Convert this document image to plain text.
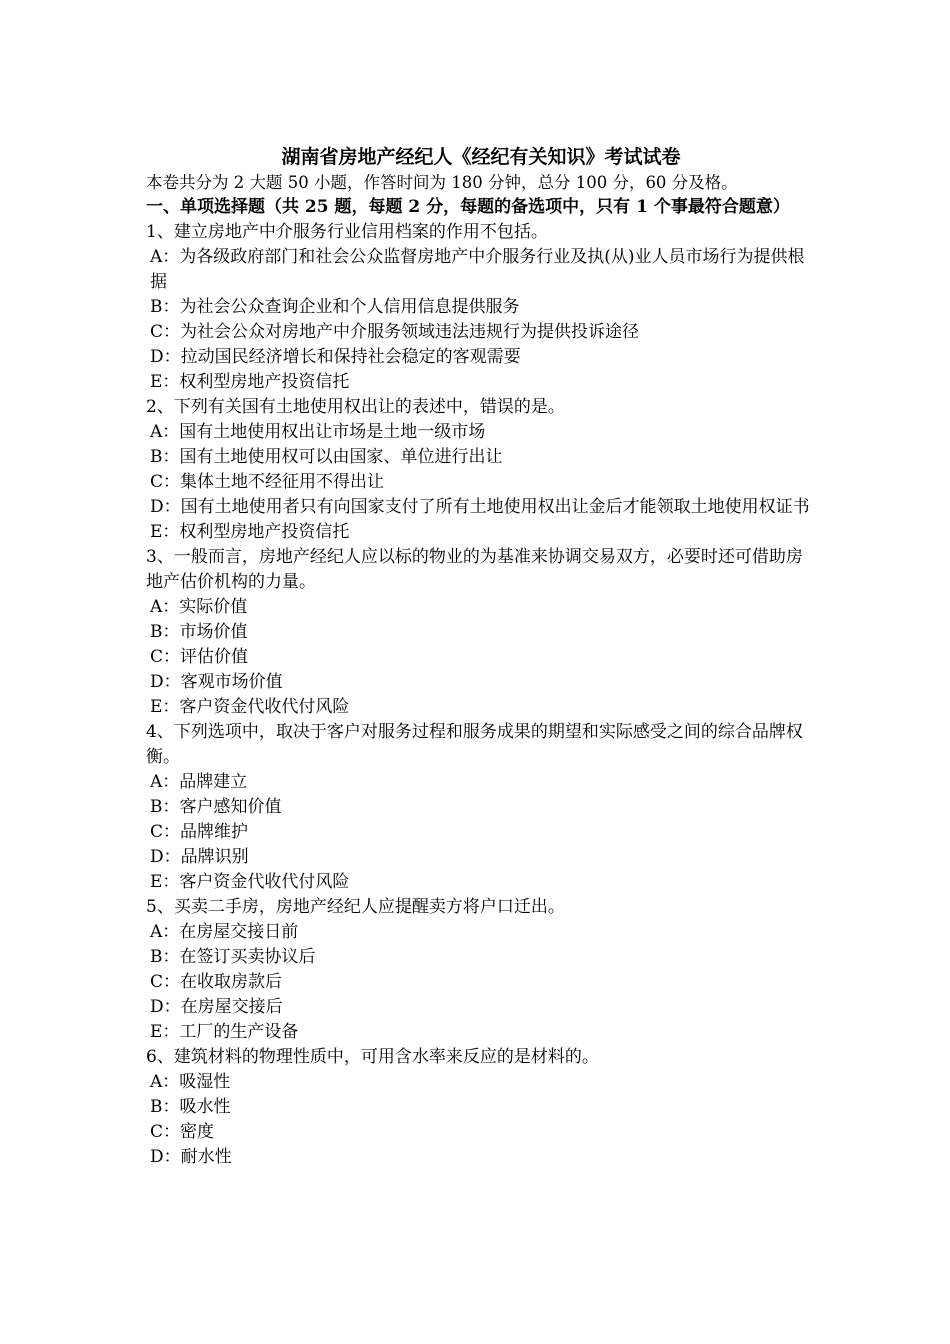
湖南省房地产经纪人《经纪有关知识》考试试卷

本卷共分为 2 大题 50 小题，作答时间为 180 分钟，总分 100 分，60 分及格。

一、单项选择题（共 25 题，每题 2 分，每题的备选项中，只有 1 个事最符合题意）

1、建立房地产中介服务行业信用档案的作用不包括。

A：为各级政府部门和社会公众监督房地产中介服务行业及执(从)业人员市场行为提供根据
B：为社会公众查询企业和个人信用信息提供服务
C：为社会公众对房地产中介服务领域违法违规行为提供投诉途径
D：拉动国民经济增长和保持社会稳定的客观需要
E：权利型房地产投资信托

2、下列有关国有土地使用权出让的表述中，错误的是。

A：国有土地使用权出让市场是土地一级市场
B：国有土地使用权可以由国家、单位进行出让
C：集体土地不经征用不得出让
D：国有土地使用者只有向国家支付了所有土地使用权出让金后才能领取土地使用权证书
E：权利型房地产投资信托

3、一般而言，房地产经纪人应以标的物业的为基准来协调交易双方，必要时还可借助房地产估价机构的力量。

A：实际价值
B：市场价值
C：评估价值
D：客观市场价值
E：客户资金代收代付风险

4、下列选项中，取决于客户对服务过程和服务成果的期望和实际感受之间的综合品牌权衡。

A：品牌建立
B：客户感知价值
C：品牌维护
D：品牌识别
E：客户资金代收代付风险

5、买卖二手房，房地产经纪人应提醒卖方将户口迁出。

A：在房屋交接日前
B：在签订买卖协议后
C：在收取房款后
D：在房屋交接后
E：工厂的生产设备

6、建筑材料的物理性质中，可用含水率来反应的是材料的。

A：吸湿性
B：吸水性
C：密度
D：耐水性
